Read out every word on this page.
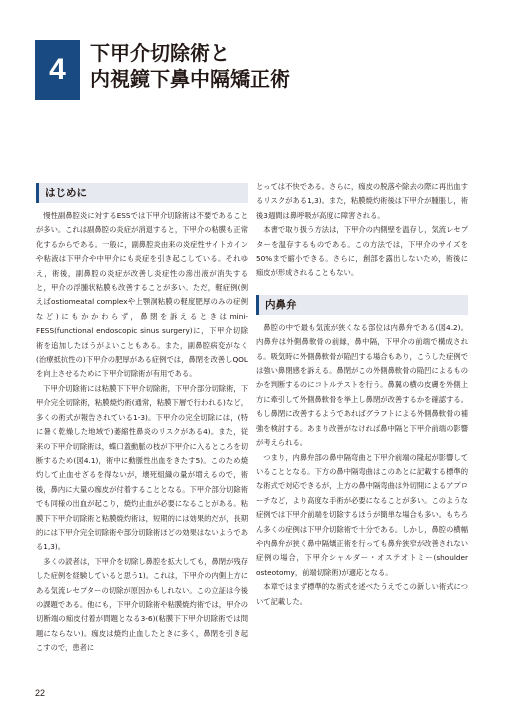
4 下甲介切除術と
内視鏡下鼻中隔矯正術
はじめに

慢性副鼻腔炎に対するESSでは下甲介切除術は不要であることが多い。これは副鼻腔の炎症が消退すると，下甲介の粘膜も正常化するからである。一般に，副鼻腔炎由来の炎症性サイトカインや粘液は下甲介や中甲介にも炎症を引き起こしている。それゆえ，術後，副鼻腔の炎症が改善し炎症性の滲出液が消失すると，甲介の浮腫状粘膜も改善することが多い。ただ，軽症例(例えばostiomeatal complexや上顎洞粘膜の軽度肥厚のみの症例など)にもかかわらず，鼻閉を訴えるときはmini-FESS(functional endoscopic sinus surgery)に，下甲介切除術を追加したほうがよいこともある。また，副鼻腔病変がなく(治療抵抗性の)下甲介の肥厚がある症例では，鼻閉を改善しQOLを向上させるために下甲介切除術が有用である。

下甲介切除術には粘膜下下甲介切除術，下甲介部分切除術，下甲介完全切除術，粘膜焼灼術(通常，粘膜下層で行われる)など，多くの術式が報告されている1-3)。下甲介の完全切除には，(特に暑く乾燥した地域で)萎縮性鼻炎のリスクがある4)。また，従来の下甲介切除術は，蝶口蓋動脈の枝が下甲介に入るところを切断するため(図4.1)，術中に動脈性出血をきたす5)。このため焼灼して止血せざるを得ないが，壊死組織の量が増えるので，術後，鼻内に大量の痂皮が付着することとなる。下甲介部分切除術でも同様の出血が起こり，焼灼止血が必要になることがある。粘膜下下甲介切除術と粘膜焼灼術は，短期的には効果的だが，長期的には下甲介完全切除術や部分切除術ほどの効果はないようである1,3)。

多くの読者は，下甲介を切除し鼻腔を拡大しても，鼻閉が残存した症例を経験していると思う1)。これは，下甲介の内側上方にある気流レセプターの切除が原因かもしれない。この立証は今後の課題である。他にも，下甲介切除術や粘膜焼灼術では，甲介の切断端の痂皮付着が問題となる3-6)(粘膜下下甲介切除術では問題にならない)。痂皮は焼灼止血したときに多く，鼻閉を引き起こすので，患者に

とっては不快である。さらに，痂皮の脱落や除去の際に再出血するリスクがある1,3)。また，粘膜焼灼術後は下甲介が腫脹し，術後3週間は鼻呼吸が高度に障害される。

本書で取り扱う方法は，下甲介の内側壁を温存し，気流レセプターを温存するものである。この方法では，下甲介のサイズを50%まで縮小できる。さらに，創部を露出しないため，術後に痂皮が形成されることもない。

内鼻弁

鼻腔の中で最も気流が狭くなる部位は内鼻弁である(図4.2)。内鼻弁は外側鼻軟骨の前縁，鼻中隔，下甲介の前端で構成される。吸気時に外側鼻軟骨が陥凹する場合もあり，こうした症例では強い鼻閉感を訴える。鼻閉がこの外側鼻軟骨の陥凹によるものかを判断するのにコトルテストを行う。鼻翼の横の皮膚を外側上方に牽引して外側鼻軟骨を挙上し鼻閉が改善するかを確認する。もし鼻閉に改善するようであればグラフトによる外側鼻軟骨の補強を検討する。あまり改善がなければ鼻中隔と下甲介前端の影響が考えられる。

つまり，内鼻弁部の鼻中隔弯曲と下甲介前端の隆起が影響していることとなる。下方の鼻中隔弯曲はこのあとに記載する標準的な術式で対応できるが，上方の鼻中隔弯曲は外切開によるアプローチなど，より高度な手術が必要になることが多い。このような症例では下甲介前端を切除するほうが簡単な場合も多い。もちろん多くの症例は下甲介切除術で十分である。しかし，鼻腔の横幅や内鼻弁が狭く鼻中隔矯正術を行っても鼻弁狭窄が改善されない症例の場合，下甲介シャルダー・オステオトミー(shoulder osteotomy，前端切除術)が適応となる。

本章ではまず標準的な術式を述べたうえでこの新しい術式について記載した。

22
